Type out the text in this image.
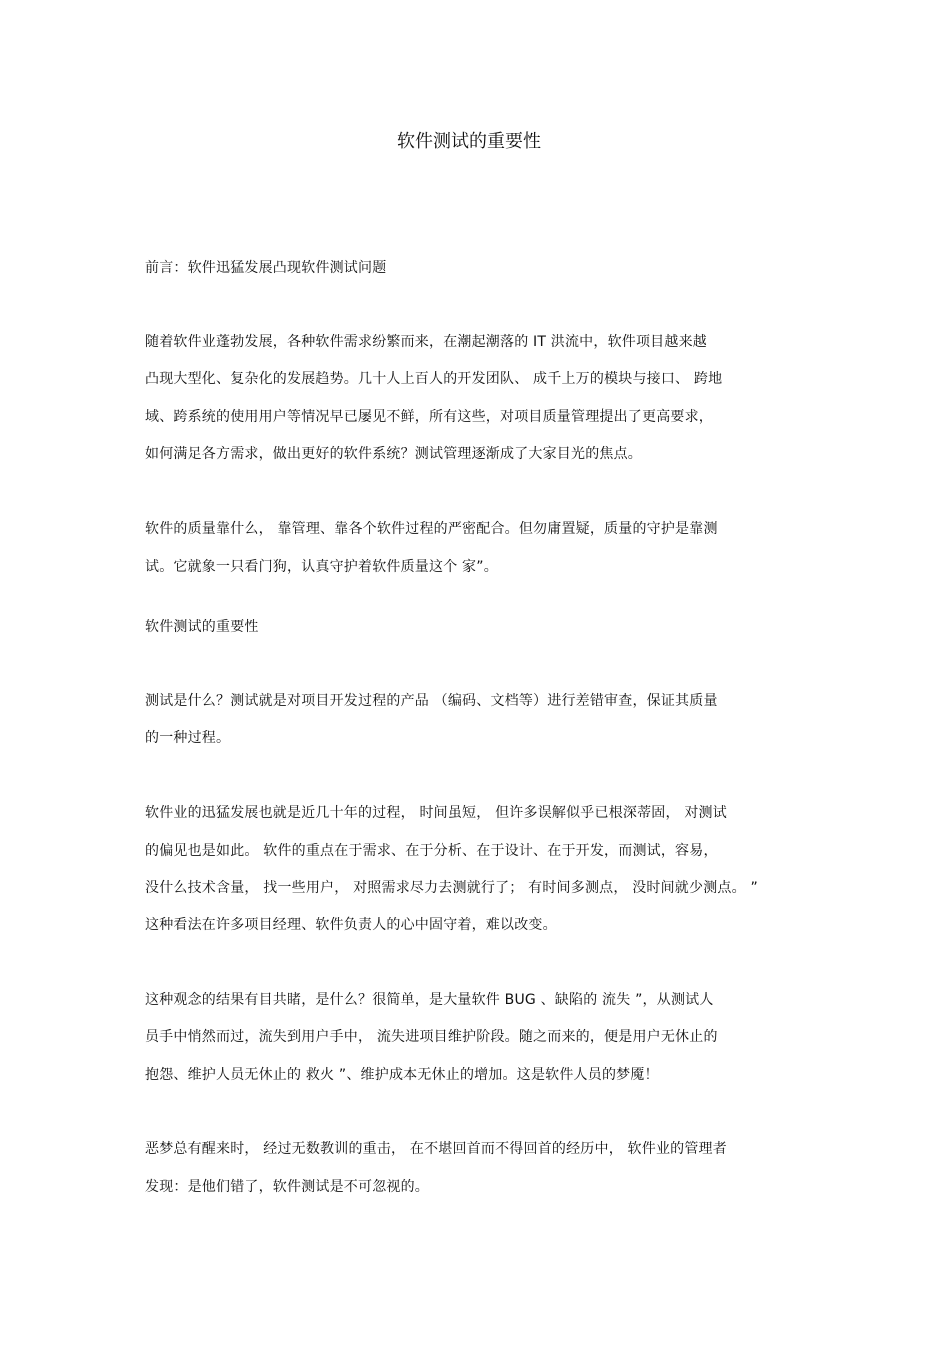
软件测试的重要性
前言：软件迅猛发展凸现软件测试问题
随着软件业蓬勃发展，各种软件需求纷繁而来，在潮起潮落的 IT 洪流中，软件项目越来越
凸现大型化、复杂化的发展趋势。几十人上百人的开发团队、 成千上万的模块与接口、 跨地
域、跨系统的使用用户等情况早已屡见不鲜，所有这些，对项目质量管理提出了更高要求，
如何满足各方需求，做出更好的软件系统？测试管理逐渐成了大家目光的焦点。
软件的质量靠什么， 靠管理、靠各个软件过程的严密配合。但勿庸置疑，质量的守护是靠测
试。它就象一只看门狗，认真守护着软件质量这个 家”。
软件测试的重要性
测试是什么？测试就是对项目开发过程的产品 （编码、文档等）进行差错审查，保证其质量
的一种过程。
软件业的迅猛发展也就是近几十年的过程， 时间虽短， 但许多误解似乎已根深蒂固， 对测试
的偏见也是如此。 软件的重点在于需求、在于分析、在于设计、在于开发，而测试，容易，
没什么技术含量， 找一些用户， 对照需求尽力去测就行了； 有时间多测点， 没时间就少测点。 ”
这种看法在许多项目经理、软件负责人的心中固守着，难以改变。
这种观念的结果有目共睹，是什么？很简单，是大量软件 BUG 、缺陷的 流失 ”，从测试人
员手中悄然而过，流失到用户手中， 流失进项目维护阶段。随之而来的，便是用户无休止的
抱怨、维护人员无休止的 救火 ”、维护成本无休止的增加。这是软件人员的梦魇！
恶梦总有醒来时， 经过无数教训的重击， 在不堪回首而不得回首的经历中， 软件业的管理者
发现：是他们错了，软件测试是不可忽视的。
